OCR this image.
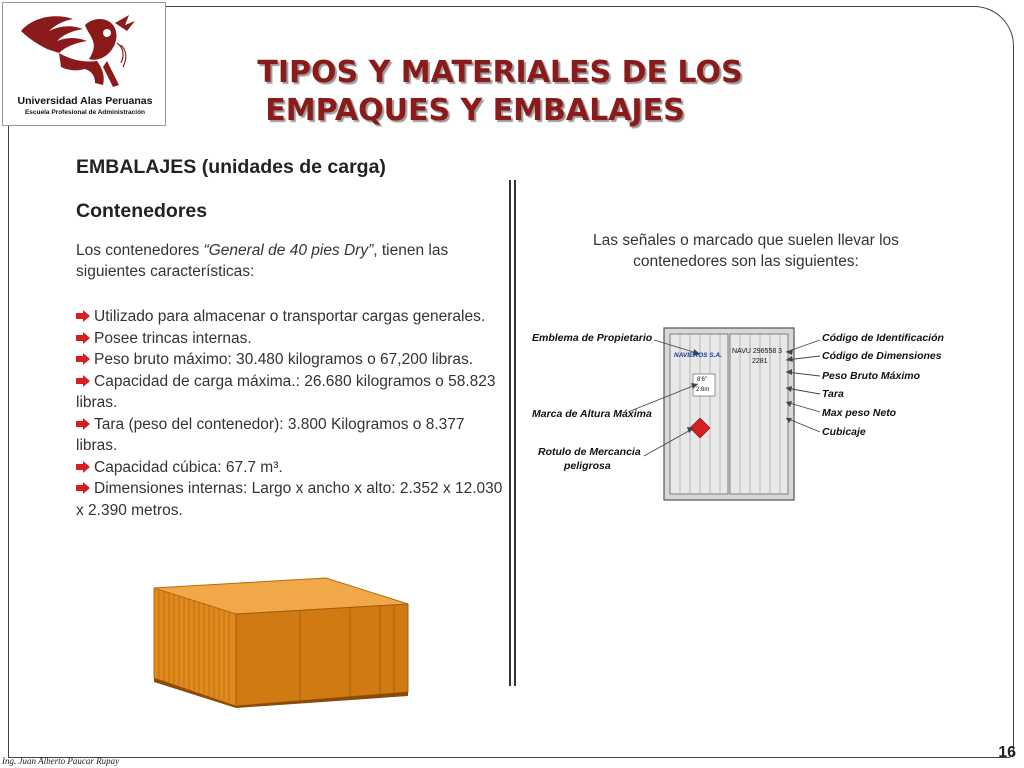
Universidad Alas Peruanas
Escuela Profesional de Administración
TIPOS Y MATERIALES DE LOS
EMPAQUES Y EMBALAJES
EMBALAJES (unidades de carga)
Contenedores
Los contenedores “General de 40 pies Dry”, tienen las siguientes características:
Utilizado para almacenar o transportar cargas generales.
Posee trincas internas.
Peso bruto máximo: 30.480 kilogramos o 67,200 libras.
Capacidad de carga máxima.: 26.680 kilogramos o 58.823 libras.
Tara (peso del contenedor): 3.800 Kilogramos o 8.377 libras.
Capacidad cúbica: 67.7 m³.
Dimensiones internas: Largo x ancho x alto: 2.352 x 12.030 x 2.390 metros.
Las señales o marcado que suelen llevar los contenedores son las siguientes:
NAVU 296558 3
2281
NAVIEROS S.A.
8'6"
2.6m
Emblema de Propietario
Marca de Altura Máxima
Rotulo de Mercancia
peligrosa
Código de Identificación
Código de Dimensiones
Peso Bruto Máximo
Tara
Max peso Neto
Cubicaje
Ing. Juan Alberto Paucar Rupay	16
